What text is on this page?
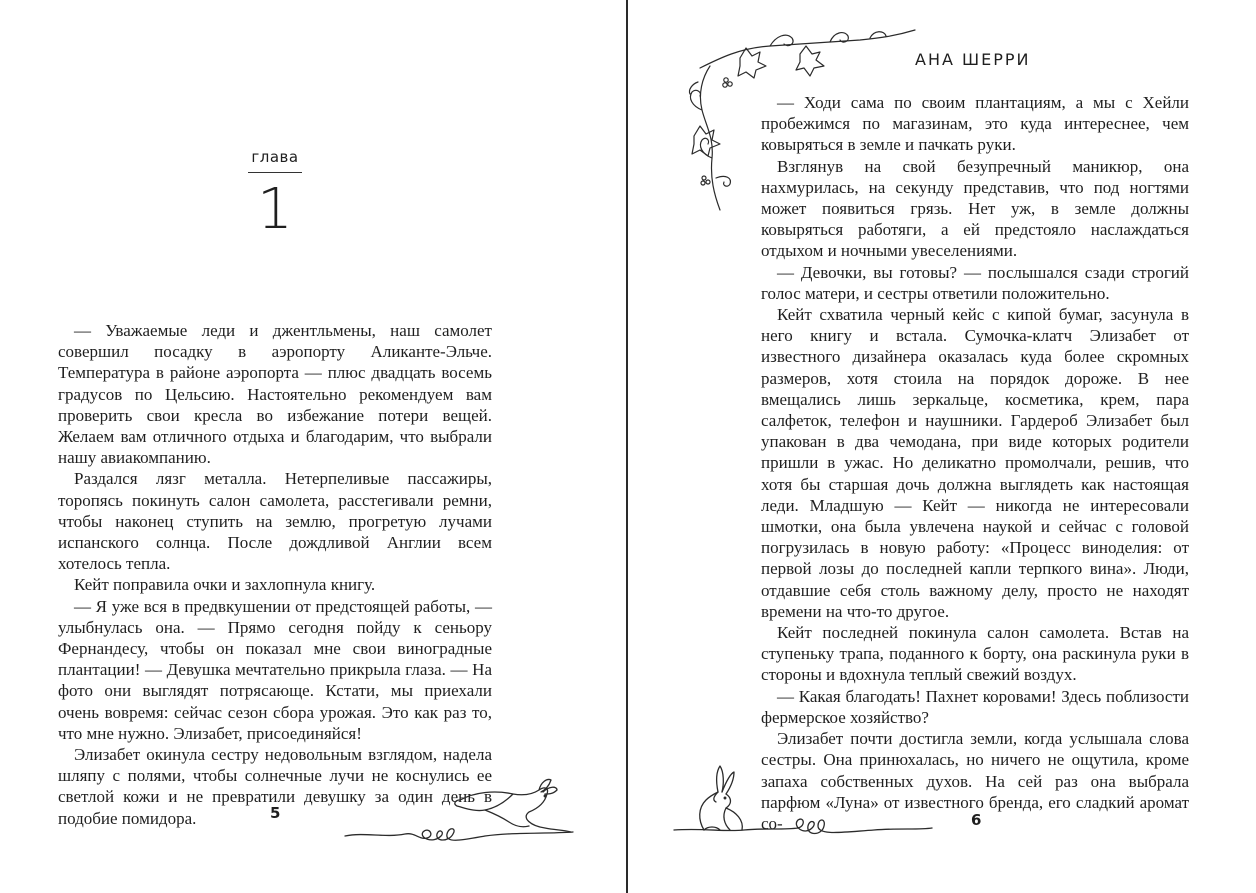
глава
1

— Уважаемые леди и джентльмены, наш самолет совершил посадку в аэропорту Аликанте-Эльче. Температура в районе аэропорта — плюс двадцать восемь градусов по Цельсию. Настоятельно рекомендуем вам проверить свои кресла во избежание потери вещей. Желаем вам отличного отдыха и благодарим, что выбрали нашу авиакомпанию.

Раздался лязг металла. Нетерпеливые пассажиры, торопясь покинуть салон самолета, расстегивали ремни, чтобы наконец ступить на землю, прогретую лучами испанского солнца. После дождливой Англии всем хотелось тепла.

Кейт поправила очки и захлопнула книгу.

— Я уже вся в предвкушении от предстоящей работы, — улыбнулась она. — Прямо сегодня пойду к сеньору Фернандесу, чтобы он показал мне свои виноградные плантации! — Девушка мечтательно прикрыла глаза. — На фото они выглядят потрясающе. Кстати, мы приехали очень вовремя: сейчас сезон сбора урожая. Это как раз то, что мне нужно. Элизабет, присоединяйся!

Элизабет окинула сестру недовольным взглядом, надела шляпу с полями, чтобы солнечные лучи не коснулись ее светлой кожи и не превратили девушку за один день в подобие помидора.	5
АНА ШЕРРИ

— Ходи сама по своим плантациям, а мы с Хейли пробежимся по магазинам, это куда интереснее, чем ковыряться в земле и пачкать руки.

Взглянув на свой безупречный маникюр, она нахмурилась, на секунду представив, что под ногтями может появиться грязь. Нет уж, в земле должны ковыряться работяги, а ей предстояло наслаждаться отдыхом и ночными увеселениями.

— Девочки, вы готовы? — послышался сзади строгий голос матери, и сестры ответили положительно.

Кейт схватила черный кейс с кипой бумаг, засунула в него книгу и встала. Сумочка-клатч Элизабет от известного дизайнера оказалась куда более скромных размеров, хотя стоила на порядок дороже. В нее вмещались лишь зеркальце, косметика, крем, пара салфеток, телефон и наушники. Гардероб Элизабет был упакован в два чемодана, при виде которых родители пришли в ужас. Но деликатно промолчали, решив, что хотя бы старшая дочь должна выглядеть как настоящая леди. Младшую — Кейт — никогда не интересовали шмотки, она была увлечена наукой и сейчас с головой погрузилась в новую работу: «Процесс виноделия: от первой лозы до последней капли терпкого вина». Люди, отдавшие себя столь важному делу, просто не находят времени на что-то другое.

Кейт последней покинула салон самолета. Встав на ступеньку трапа, поданного к борту, она раскинула руки в стороны и вдохнула теплый свежий воздух.

— Какая благодать! Пахнет коровами! Здесь поблизости фермерское хозяйство?

Элизабет почти достигла земли, когда услышала слова сестры. Она принюхалась, но ничего не ощутила, кроме запаха собственных духов. На сей раз она выбрала парфюм «Луна» от известного бренда, его сладкий аромат со-	6
